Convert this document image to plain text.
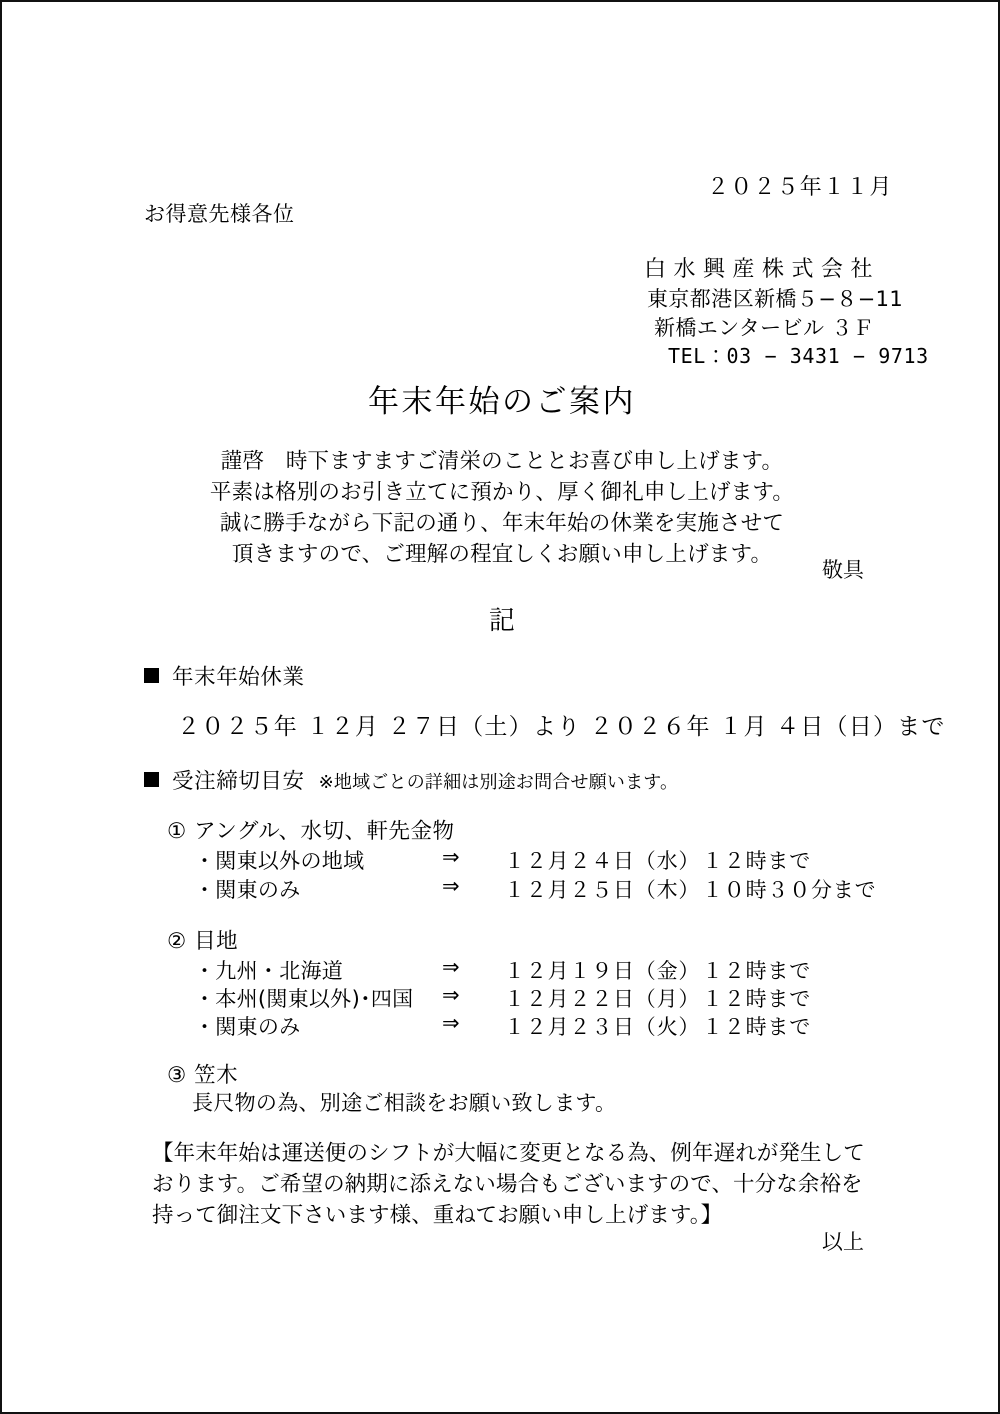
２０２５年１１月
お得意先様各位
白水興産株式会社
東京都港区新橋５−８−11
新橋エンタービル ３Ｆ
TEL：03 − 3431 − 9713
年末年始のご案内
謹啓　時下ますますご清栄のこととお喜び申し上げます。
平素は格別のお引き立てに預かり、厚く御礼申し上げます。
誠に勝手ながら下記の通り、年末年始の休業を実施させて
頂きますので、ご理解の程宜しくお願い申し上げます。
敬具
記
年末年始休業
２０２５年 １２月 ２７日（土）より ２０２６年 １月 ４日（日）まで
受注締切目安 ※地域ごとの詳細は別途お問合せ願います。
① アングル、水切、軒先金物
・関東以外の地域	⇒ １２月２４日（水） １２時まで
・関東のみ	⇒ １２月２５日（木） １０時３０分まで
② 目地
・九州・北海道	⇒ １２月１９日（金） １２時まで
・本州(関東以外)･四国 ⇒ １２月２２日（月） １２時まで
・関東のみ	⇒ １２月２３日（火） １２時まで
③ 笠木
長尺物の為、別途ご相談をお願い致します。
【年末年始は運送便のシフトが大幅に変更となる為、例年遅れが発生して
おります。ご希望の納期に添えない場合もございますので、十分な余裕を
持って御注文下さいます様、重ねてお願い申し上げます。】
以上
